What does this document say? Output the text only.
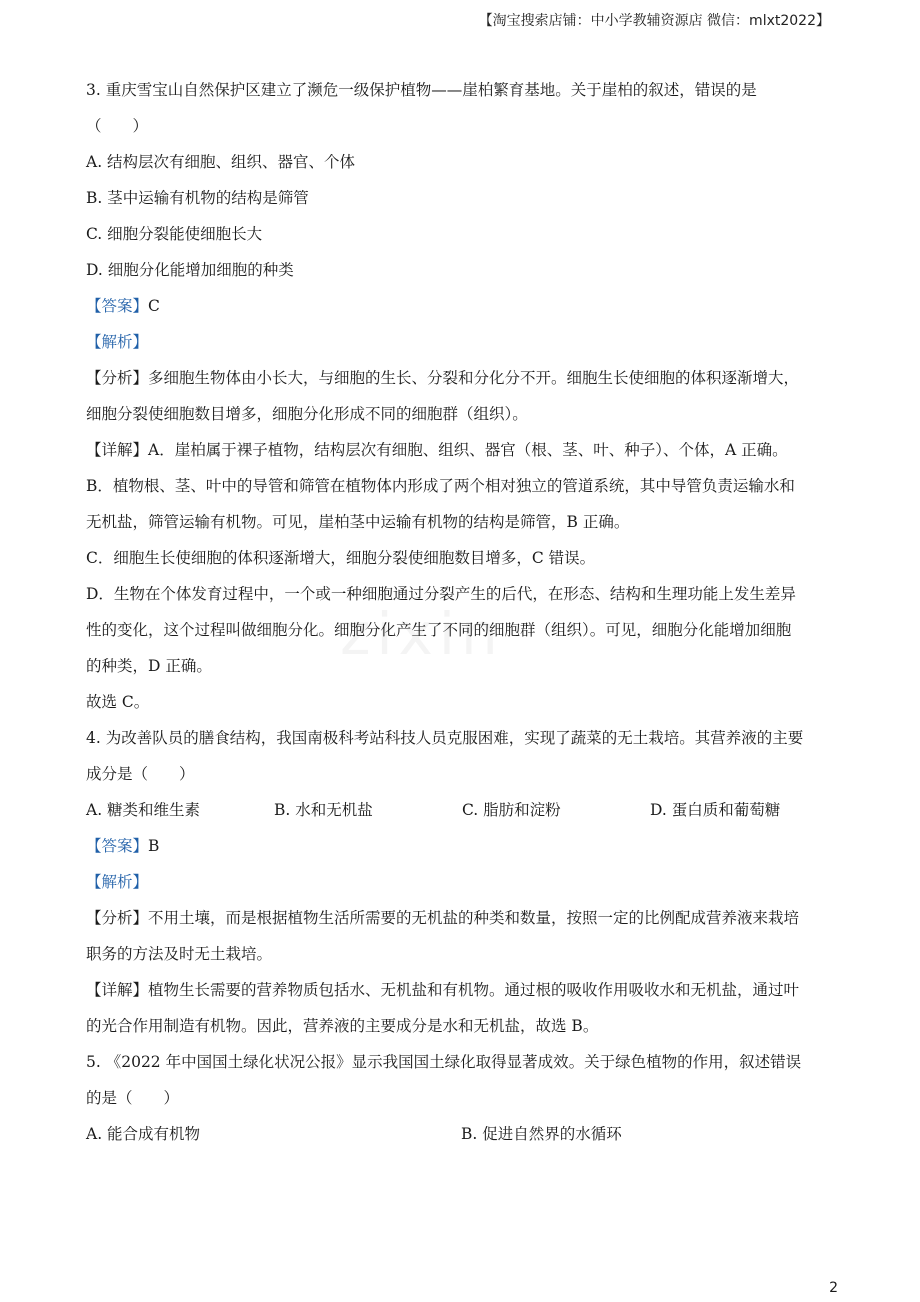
【淘宝搜索店铺：中小学教辅资源店 微信：mlxt2022】
zixin
3. 重庆雪宝山自然保护区建立了濒危一级保护植物——崖柏繁育基地。关于崖柏的叙述，错误的是
（　　）
A. 结构层次有细胞、组织、器官、个体
B. 茎中运输有机物的结构是筛管
C. 细胞分裂能使细胞长大
D. 细胞分化能增加细胞的种类
【答案】C
【解析】
【分析】多细胞生物体由小长大，与细胞的生长、分裂和分化分不开。细胞生长使细胞的体积逐渐增大，
细胞分裂使细胞数目增多，细胞分化形成不同的细胞群（组织）。
【详解】A．崖柏属于裸子植物，结构层次有细胞、组织、器官（根、茎、叶、种子）、个体，A 正确。
B．植物根、茎、叶中的导管和筛管在植物体内形成了两个相对独立的管道系统，其中导管负责运输水和
无机盐，筛管运输有机物。可见，崖柏茎中运输有机物的结构是筛管，B 正确。
C．细胞生长使细胞的体积逐渐增大，细胞分裂使细胞数目增多，C 错误。
D．生物在个体发育过程中，一个或一种细胞通过分裂产生的后代，在形态、结构和生理功能上发生差异
性的变化，这个过程叫做细胞分化。细胞分化产生了不同的细胞群（组织）。可见，细胞分化能增加细胞
的种类，D 正确。
故选 C。
4. 为改善队员的膳食结构，我国南极科考站科技人员克服困难，实现了蔬菜的无土栽培。其营养液的主要
成分是（　　）
A. 糖类和维生素	B. 水和无机盐	C. 脂肪和淀粉	D. 蛋白质和葡萄糖
【答案】B
【解析】
【分析】不用土壤，而是根据植物生活所需要的无机盐的种类和数量，按照一定的比例配成营养液来栽培
职务的方法及时无土栽培。
【详解】植物生长需要的营养物质包括水、无机盐和有机物。通过根的吸收作用吸收水和无机盐，通过叶
的光合作用制造有机物。因此，营养液的主要成分是水和无机盐，故选 B。
5. 《2022 年中国国土绿化状况公报》显示我国国土绿化取得显著成效。关于绿色植物的作用，叙述错误
的是（　　）
A. 能合成有机物	B. 促进自然界的水循环
2
